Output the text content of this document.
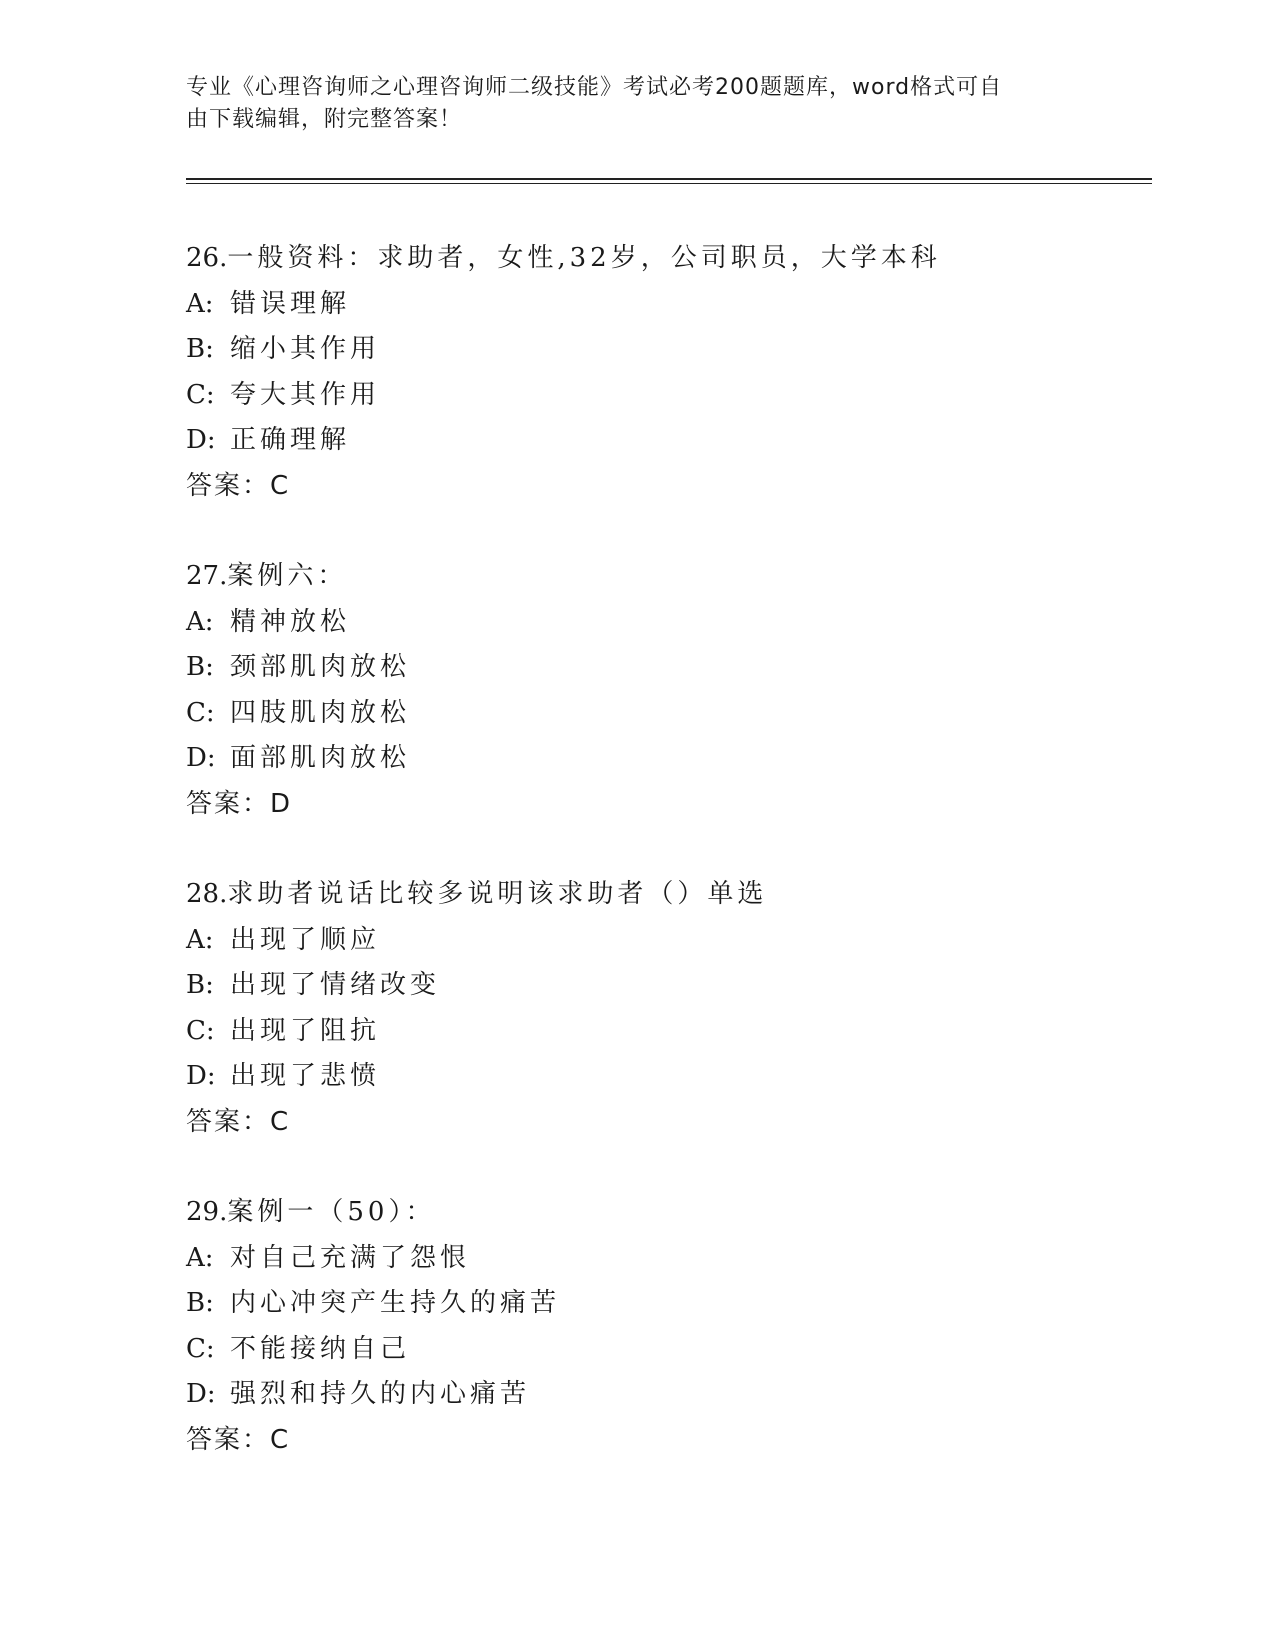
专业《心理咨询师之心理咨询师二级技能》考试必考200题题库，word格式可自

由下载编辑，附完整答案！

26.一般资料：求助者，女性,32岁，公司职员，大学本科
A: 错误理解
B: 缩小其作用
C: 夸大其作用
D: 正确理解
答案：C
27.案例六：
A: 精神放松
B: 颈部肌肉放松
C: 四肢肌肉放松
D: 面部肌肉放松
答案：D
28.求助者说话比较多说明该求助者（）单选
A: 出现了顺应
B: 出现了情绪改变
C: 出现了阻抗
D: 出现了悲愤
答案：C
29.案例一（50）：
A: 对自己充满了怨恨
B: 内心冲突产生持久的痛苦
C: 不能接纳自己
D: 强烈和持久的内心痛苦
答案：C
